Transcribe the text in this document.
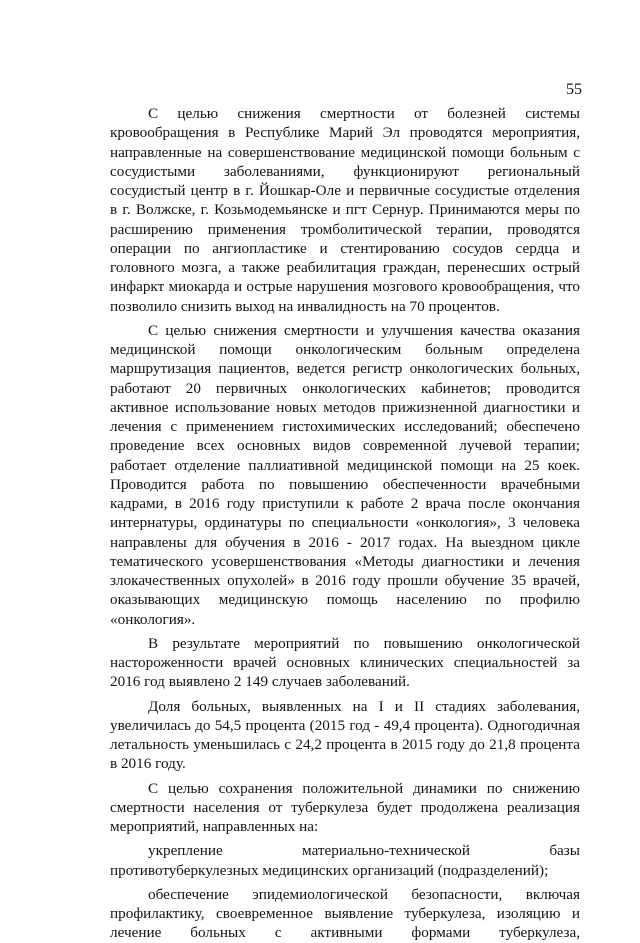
55

С целью снижения смертности от болезней системы кровообращения в Республике Марий Эл проводятся мероприятия, направленные на совершенствование медицинской помощи больным с сосудистыми заболеваниями, функционируют региональный сосудистый центр в г. Йошкар-Оле и первичные сосудистые отделения в г. Волжске, г. Козьмодемьянске и пгт Сернур. Принимаются меры по расширению применения тромболитической терапии, проводятся операции по ангиопластике и стентированию сосудов сердца и головного мозга, а также реабилитация граждан, перенесших острый инфаркт миокарда и острые нарушения мозгового кровообращения, что позволило снизить выход на инвалидность на 70 процентов.

С целью снижения смертности и улучшения качества оказания медицинской помощи онкологическим больным определена маршрутизация пациентов, ведется регистр онкологических больных, работают 20 первичных онкологических кабинетов; проводится активное использование новых методов прижизненной диагностики и лечения с применением гистохимических исследований; обеспечено проведение всех основных видов современной лучевой терапии; работает отделение паллиативной медицинской помощи на 25 коек. Проводится работа по повышению обеспеченности врачебными кадрами, в 2016 году приступили к работе 2 врача после окончания интернатуры, ординатуры по специальности «онкология», 3 человека направлены для обучения в 2016 - 2017 годах. На выездном цикле тематического усовершенствования «Методы диагностики и лечения злокачественных опухолей» в 2016 году прошли обучение 35 врачей, оказывающих медицинскую помощь населению по профилю «онкология».

В результате мероприятий по повышению онкологической настороженности врачей основных клинических специальностей за 2016 год выявлено 2 149 случаев заболеваний.

Доля больных, выявленных на I и II стадиях заболевания, увеличилась до 54,5 процента (2015 год - 49,4 процента). Одногодичная летальность уменьшилась с 24,2 процента в 2015 году до 21,8 процента в 2016 году.

С целью сохранения положительной динамики по снижению смертности населения от туберкулеза будет продолжена реализация мероприятий, направленных на:

укрепление материально-технической базы противотуберкулезных медицинских организаций (подразделений);

обеспечение эпидемиологической безопасности, включая профилактику, своевременное выявление туберкулеза, изоляцию и лечение больных с активными формами туберкулеза,
